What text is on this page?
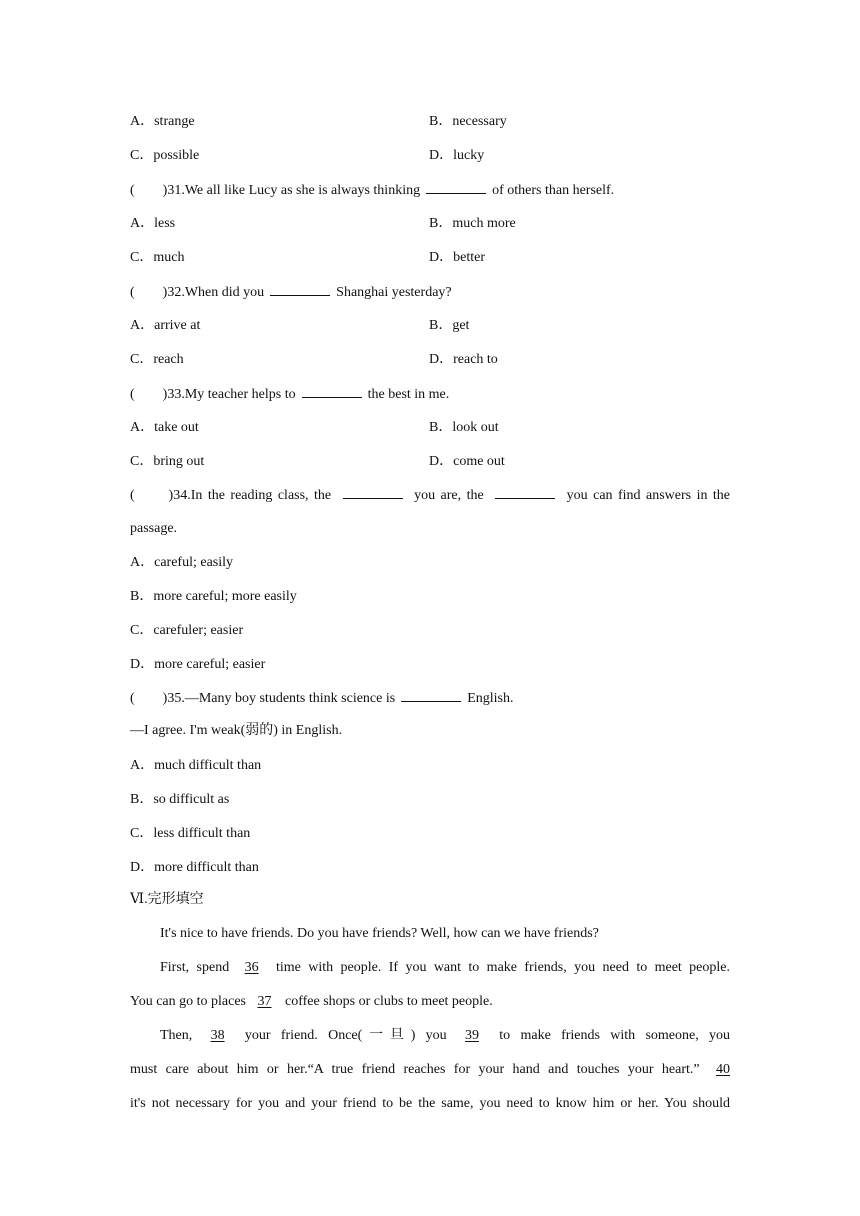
A．strange	B．necessary
C．possible	D．lucky
(　　)31.We all like Lucy as she is always thinking	of others than herself.
A．less	B．much more
C．much	D．better
(　　)32.When did you	Shanghai yesterday?
A．arrive at	B．get
C．reach	D．reach to
(　　)33.My teacher helps to	the best in me.
A．take out	B．look out
C．bring out	D．come out
(　　)34.In the reading class, the	you are, the	you can find answers in the
passage.
A．careful; easily
B．more careful; more easily
C．carefuler; easier
D．more careful; easier
(　　)35.—Many boy students think science is	English.
—I agree. I'm weak(弱的) in English.
A．much difficult than
B．so difficult as
C．less difficult than
D．more difficult than
Ⅵ.完形填空
It's nice to have friends. Do you have friends? Well, how can we have friends?
First, spend 36 time with people. If you want to make friends, you need to meet people.
You can go to places 37 coffee shops or clubs to meet people.
Then, 38 your friend. Once(一旦) you 39 to make friends with someone, you
must care about him or her.“A true friend reaches for your hand and touches your heart.” 40
it's not necessary for you and your friend to be the same, you need to know him or her. You should
